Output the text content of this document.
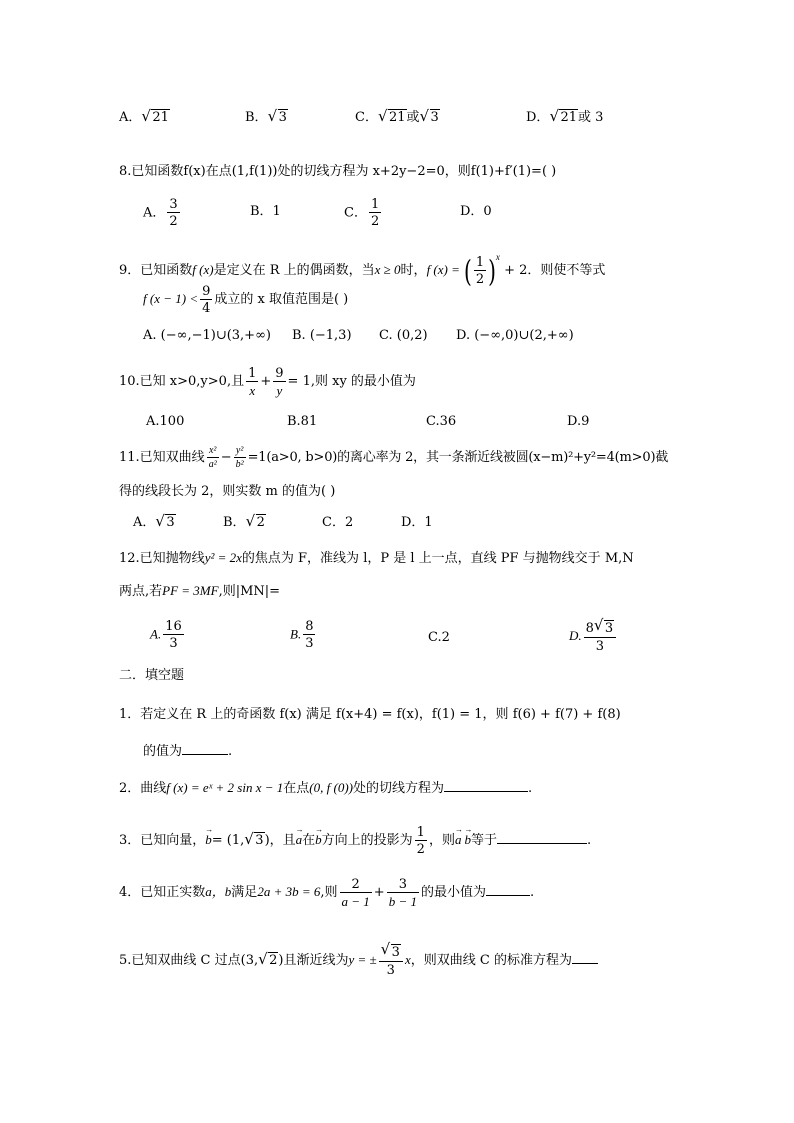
A． √ 21	B． √ 3	C． √ 21或 √ 3	D． √ 21或 3
8.已知函数f(x)在点(1,f(1))处的切线方程为 x+2y−2=0，则f(1)+f′(1)=( )
A． $\frac{3}{2}$	B．1	C． $\frac{1}{2}$	D．0
9．已知函数f (x)是定义在 R 上的偶函数，当x ≥ 0时，f (x) = ( $\frac{1}{2} )^x + 2$．则使不等式
f $(x - 1) < \frac{9}{4}$ 成立的 x 取值范围是( )
A. (−∞,−1)∪(3,+∞) B. (−1,3) C. (0,2) D. (−∞,0)∪(2,+∞)
10.已知 x>0,y>0,且 $\frac{1}{x} + \frac{9}{y} = 1$,则 xy 的最小值为
A.100	B.81	C.36	D.9
11.已知双曲线 $\frac{\text{x²}}{\text{a²}} - \frac{\text{y²}}{\text{b²}} =1(a>0$, b>0)的离心率为 2，其一条渐近线被圆(x−m)²+y²=4(m>0)截
得的线段长为 2，则实数 m 的值为( )
A． √ 3	B． √ 2	C．2	D．1
12.已知抛物线y² = 2x的焦点为 F，准线为 l，P 是 l 上一点，直线 PF 与抛物线交于 M,N
两点,若PF = 3MF,则|MN|=
A. $\frac{16}{3}$	B. $\frac{8}{3}$	C.2	D. $\frac{8 √ 3}{3}$
二．填空题
1．若定义在 R 上的奇函数 f(x) 满足 f(x+4) = f(x)，f(1) = 1，则 f(6) + f(7) + f(8)
的值为	.
2．曲线f (x) = eˣ + 2 sin x − 1在点(0, f (0))处的切线方程为	.
3．已知向量，→ b= (1, √ 3)，且→ a在→ b方向上的投影为 $\frac{1}{2}$ ，则→ a → b等于	.
4．已知正实数a，b满足2a + 3b = 6,则 $\frac{2}{a - 1} + \frac{3}{b - 1}$ 的最小值为	.
5.已知双曲线 C 过点(3, √ 2)且渐近线为y = ± √ $\frac{3}{3}$ x，则双曲线 C 的标准方程为
